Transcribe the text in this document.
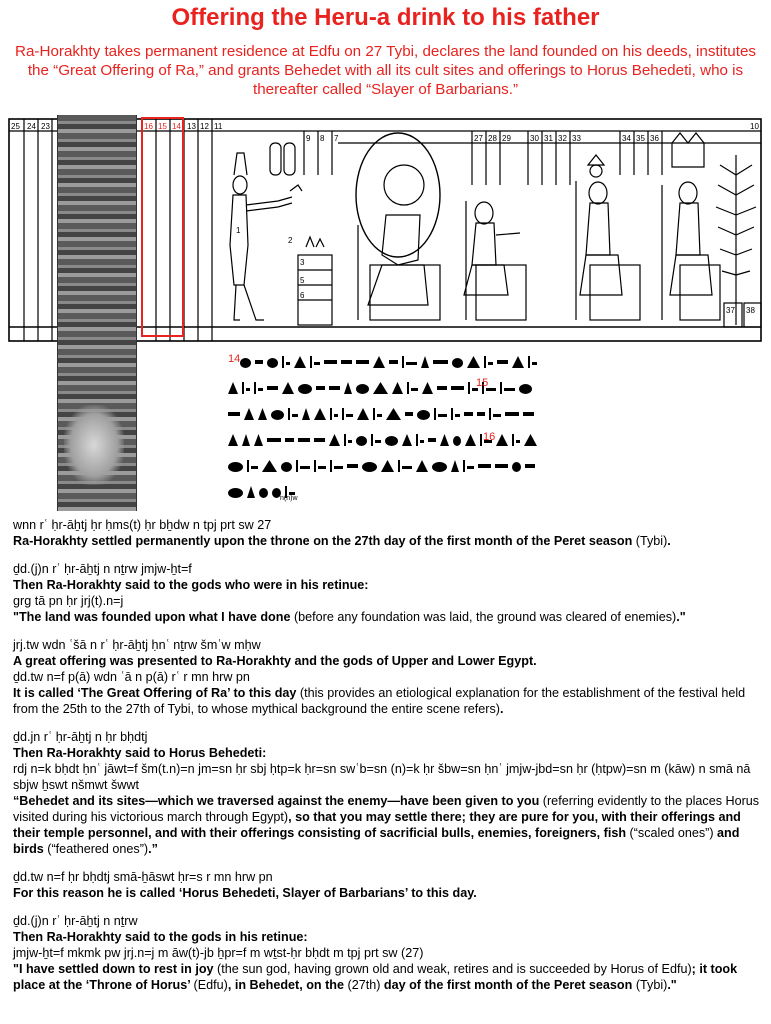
Offering the Heru-a drink to his father
Ra-Horakhty takes permanent residence at Edfu on 27 Tybi, declares the land founded on his deeds, institutes the “Great Offering of Ra,” and grants Behedet with all its cult sites and offerings to Horus Behedeti, who is thereafter called “Slayer of Barbarians.”
25 24 23	13 12 11
9 8 7	27 28 29 30 31 32 33	34 35 36
10
37 38
1
2
3
5
6
16 15 14
14
15
16
n(n)w
wnn rʿ ḥr-āẖtj ḥr ḥms(t) ḥr bẖdw n tpj prt sw 27
Ra-Horakhty settled permanently upon the throne on the 27th day of the first month of the Peret season (Tybi).
ḏd.(j)n rʿ ḥr-āẖtj n nṯrw jmjw-ẖt=f
Then Ra-Horakhty said to the gods who were in his retinue:
grg tā pn ḥr jrj(t).n=j
"The land was founded upon what I have done (before any foundation was laid, the ground was cleared of enemies)."
jrj.tw wdn ʿšā n rʿ ḥr-āẖtj ḥnʿ nṯrw šmʿw mḥw
A great offering was presented to Ra-Horakhty and the gods of Upper and Lower Egypt.
ḏd.tw n=f p(ā) wdn ʿā n p(ā) rʿ r mn hrw pn
It is called ‘The Great Offering of Ra’ to this day (this provides an etiological explanation for the establishment of the festival held from the 25th to the 27th of Tybi, to whose mythical background the entire scene refers).
ḏd.jn rʿ ḥr-āẖtj n ḥr bḥdtj
Then Ra-Horakhty said to Horus Behedeti:
rdj n=k bḥdt ḥnʿ jāwt=f šm(t.n)=n jm=sn ḥr sbj ḥtp=k ḥr=sn swʿb=sn (n)=k ḥr šbw=sn ḥnʿ jmjw-jbd=sn ḥr (ḥtpw)=sn m (kāw) n smā nā sbjw ẖswt nšmwt šwwt
“Behedet and its sites—which we traversed against the enemy—have been given to you (referring evidently to the places Horus visited during his victorious march through Egypt), so that you may settle there; they are pure for you, with their offerings and their temple personnel, and with their offerings consisting of sacrificial bulls, enemies, foreigners, fish (“scaled ones”) and birds (“feathered ones”).”
ḏd.tw n=f ḥr bḥdtj smā-ẖāswt ḥr=s r mn hrw pn
For this reason he is called ‘Horus Behedeti, Slayer of Barbarians’ to this day.
ḏd.(j)n rʿ ḥr-āẖtj n nṯrw
Then Ra-Horakhty said to the gods in his retinue:
jmjw-ẖt=f mkmk pw jrj.n=j m āw(t)-jb ẖpr=f m wṯst-ḥr bḥdt m tpj prt sw (27)
"I have settled down to rest in joy (the sun god, having grown old and weak, retires and is succeeded by Horus of Edfu); it took place at the ‘Throne of Horus’ (Edfu), in Behedet, on the (27th) day of the first month of the Peret season (Tybi)."
